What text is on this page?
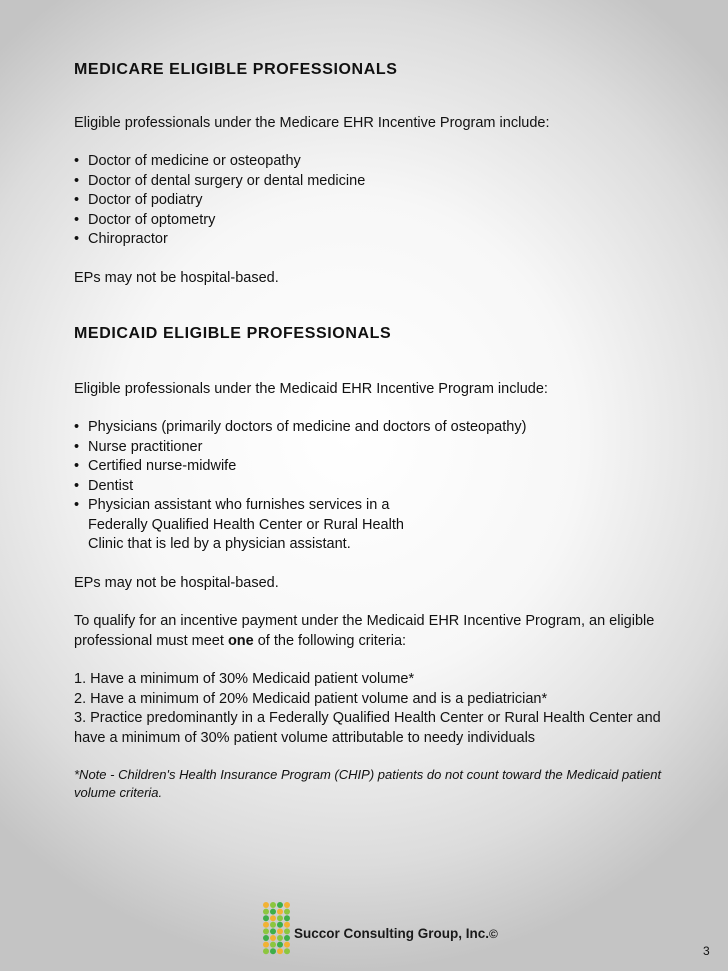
MEDICARE ELIGIBLE PROFESSIONALS

Eligible professionals under the Medicare EHR Incentive Program include:

• Doctor of medicine or osteopathy
• Doctor of dental surgery or dental medicine
• Doctor of podiatry
• Doctor of optometry
• Chiropractor

EPs may not be hospital-based.

MEDICAID ELIGIBLE PROFESSIONALS

Eligible professionals under the Medicaid EHR Incentive Program include:

• Physicians (primarily doctors of medicine and doctors of osteopathy)
• Nurse practitioner
• Certified nurse-midwife
• Dentist
• Physician assistant who furnishes services in a
Federally Qualified Health Center or Rural Health
Clinic that is led by a physician assistant.

EPs may not be hospital-based.

To qualify for an incentive payment under the Medicaid EHR Incentive Program, an eligible professional must meet one of the following criteria:

1. Have a minimum of 30% Medicaid patient volume*

2. Have a minimum of 20% Medicaid patient volume and is a pediatrician*

3. Practice predominantly in a Federally Qualified Health Center or Rural Health Center and have a minimum of 30% patient volume attributable to needy individuals

*Note - Children's Health Insurance Program (CHIP) patients do not count toward the Medicaid patient volume criteria.

Succor Consulting Group, Inc.©
3
